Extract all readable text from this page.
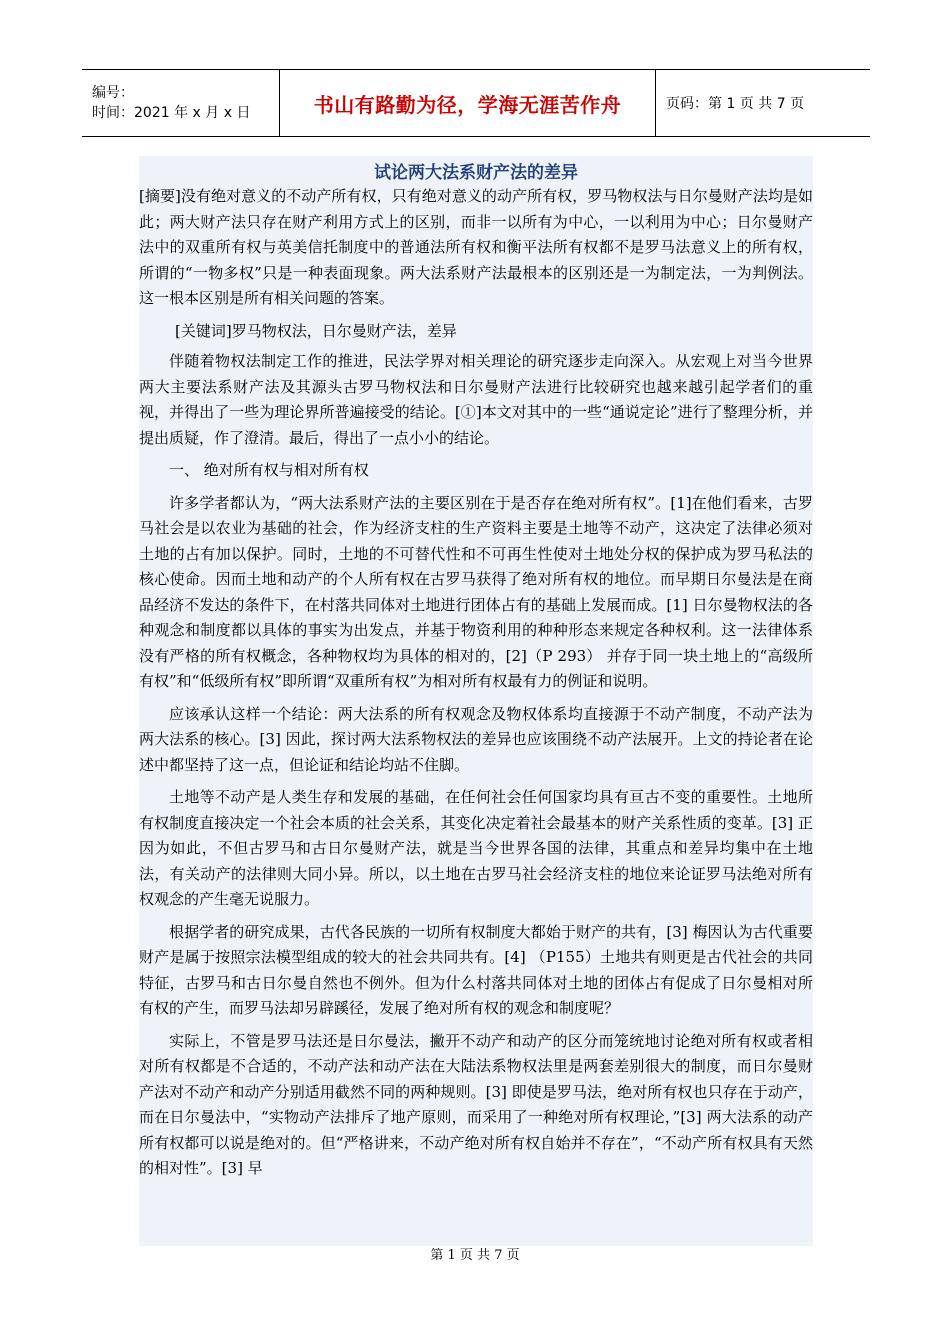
编号：
时间：2021 年 x 月 x 日	书山有路勤为径，学海无涯苦作舟	页码：第 1 页 共 7 页
试论两大法系财产法的差异

[摘要]没有绝对意义的不动产所有权，只有绝对意义的动产所有权，罗马物权法与日尔曼财产法均是如此；两大财产法只存在财产利用方式上的区别，而非一以所有为中心，一以利用为中心；日尔曼财产法中的双重所有权与英美信托制度中的普通法所有权和衡平法所有权都不是罗马法意义上的所有权，所谓的“一物多权”只是一种表面现象。两大法系财产法最根本的区别还是一为制定法，一为判例法。这一根本区别是所有相关问题的答案。

[关键词]罗马物权法，日尔曼财产法，差异

伴随着物权法制定工作的推进，民法学界对相关理论的研究逐步走向深入。从宏观上对当今世界两大主要法系财产法及其源头古罗马物权法和日尔曼财产法进行比较研究也越来越引起学者们的重视，并得出了一些为理论界所普遍接受的结论。[①]本文对其中的一些“通说定论”进行了整理分析，并提出质疑，作了澄清。最后，得出了一点小小的结论。

一、 绝对所有权与相对所有权

许多学者都认为，“两大法系财产法的主要区别在于是否存在绝对所有权”。[1]在他们看来，古罗马社会是以农业为基础的社会，作为经济支柱的生产资料主要是土地等不动产，这决定了法律必须对土地的占有加以保护。同时，土地的不可替代性和不可再生性使对土地处分权的保护成为罗马私法的核心使命。因而土地和动产的个人所有权在古罗马获得了绝对所有权的地位。而早期日尔曼法是在商品经济不发达的条件下，在村落共同体对土地进行团体占有的基础上发展而成。[1] 日尔曼物权法的各种观念和制度都以具体的事实为出发点，并基于物资利用的种种形态来规定各种权利。这一法律体系没有严格的所有权概念，各种物权均为具体的相对的，[2]（P 293） 并存于同一块土地上的“高级所有权”和“低级所有权”即所谓“双重所有权”为相对所有权最有力的例证和说明。

应该承认这样一个结论：两大法系的所有权观念及物权体系均直接源于不动产制度，不动产法为两大法系的核心。[3] 因此，探讨两大法系物权法的差异也应该围绕不动产法展开。上文的持论者在论述中都坚持了这一点，但论证和结论均站不住脚。

土地等不动产是人类生存和发展的基础，在任何社会任何国家均具有亘古不变的重要性。土地所有权制度直接决定一个社会本质的社会关系，其变化决定着社会最基本的财产关系性质的变革。[3] 正因为如此，不但古罗马和古日尔曼财产法，就是当今世界各国的法律，其重点和差异均集中在土地法，有关动产的法律则大同小异。所以，以土地在古罗马社会经济支柱的地位来论证罗马法绝对所有权观念的产生毫无说服力。

根据学者的研究成果，古代各民族的一切所有权制度大都始于财产的共有，[3] 梅因认为古代重要财产是属于按照宗法模型组成的较大的社会共同共有。[4] （P155）土地共有则更是古代社会的共同特征，古罗马和古日尔曼自然也不例外。但为什么村落共同体对土地的团体占有促成了日尔曼相对所有权的产生，而罗马法却另辟蹊径，发展了绝对所有权的观念和制度呢？

实际上，不管是罗马法还是日尔曼法，撇开不动产和动产的区分而笼统地讨论绝对所有权或者相对所有权都是不合适的，不动产法和动产法在大陆法系物权法里是两套差别很大的制度，而日尔曼财产法对不动产和动产分别适用截然不同的两种规则。[3] 即使是罗马法，绝对所有权也只存在于动产，而在日尔曼法中，“实物动产法排斥了地产原则，而采用了一种绝对所有权理论，”[3] 两大法系的动产所有权都可以说是绝对的。但“严格讲来，不动产绝对所有权自始并不存在”，“不动产所有权具有天然的相对性”。[3] 早

第 1 页 共 7 页
